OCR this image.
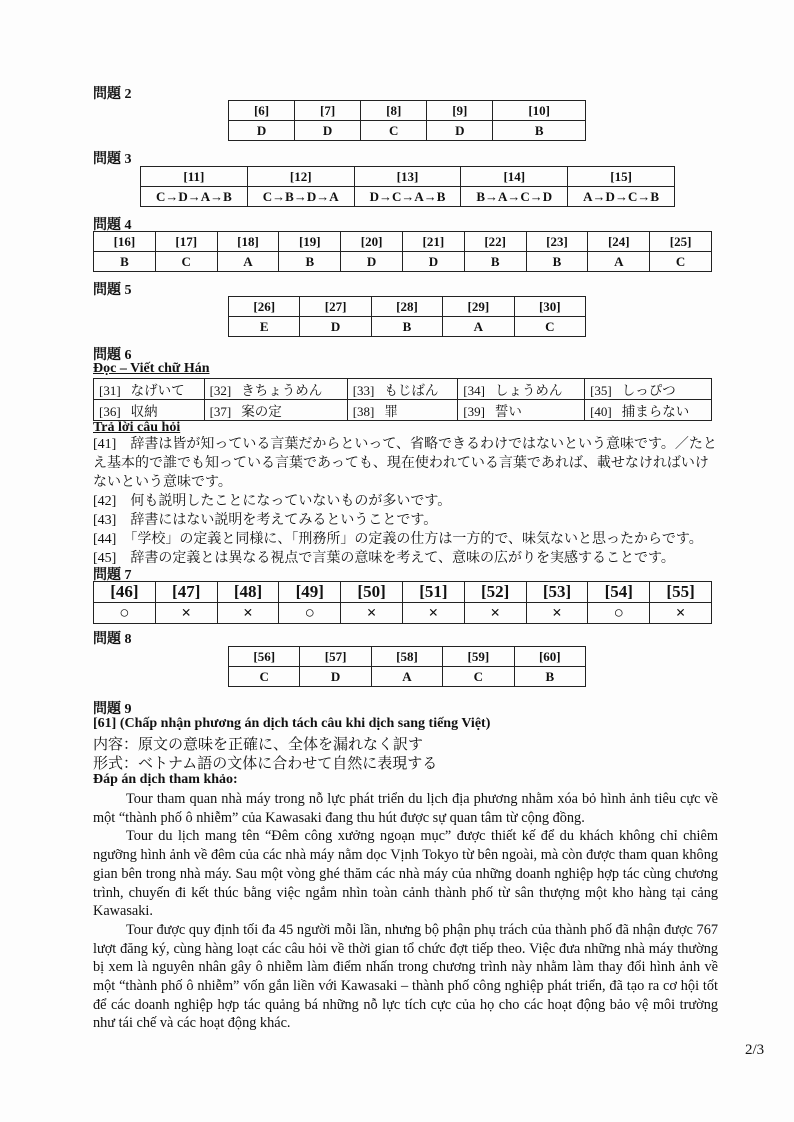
問題 2
[6]	[7]	[8]	[9]	[10]
D	D	C	D	B
問題 3
[11]	[12]	[13]	[14]	[15]
C→D→A→B	C→B→D→A	D→C→A→B	B→A→C→D	A→D→C→B
問題 4
[16]	[17]	[18]	[19]	[20]	[21]	[22]	[23]	[24]	[25]
B	C	A	B	D	D	B	B	A	C
問題 5
[26]	[27]	[28]	[29]	[30]
E	D	B	A	C
問題 6
Đọc – Viết chữ Hán
[31] なげいて	[32] きちょうめん	[33] もじばん	[34] しょうめん	[35] しっぴつ
[36] 収納	[37] 案の定	[38] 罪	[39] 誓い	[40] 捕まらない
Trả lời câu hỏi
[41]　辞書は皆が知っている言葉だからといって、省略できるわけではないという意味です。／たとえ基本的で誰でも知っている言葉であっても、現在使われている言葉であれば、載せなければいけないという意味です。
[42]　何も説明したことになっていないものが多いです。
[43]　辞書にはない説明を考えてみるということです。
[44]　「学校」の定義と同様に、「刑務所」の定義の仕方は一方的で、味気ないと思ったからです。
[45]　辞書の定義とは異なる視点で言葉の意味を考えて、意味の広がりを実感することです。
問題 7
[46]	[47]	[48]	[49]	[50]	[51]	[52]	[53]	[54]	[55]
○	×	×	○	×	×	×	×	○	×
問題 8
[56]	[57]	[58]	[59]	[60]
C	D	A	C	B
問題 9
[61] (Chấp nhận phương án dịch tách câu khi dịch sang tiếng Việt)
内容：原文の意味を正確に、全体を漏れなく訳す
形式：ベトナム語の文体に合わせて自然に表現する
Đáp án dịch tham khảo:

Tour tham quan nhà máy trong nỗ lực phát triển du lịch địa phương nhằm xóa bỏ hình ảnh tiêu cực về một “thành phố ô nhiễm” của Kawasaki đang thu hút được sự quan tâm từ cộng đồng.

Tour du lịch mang tên “Đêm công xưởng ngoạn mục” được thiết kế để du khách không chỉ chiêm ngưỡng hình ảnh về đêm của các nhà máy nằm dọc Vịnh Tokyo từ bên ngoài, mà còn được tham quan không gian bên trong nhà máy. Sau một vòng ghé thăm các nhà máy của những doanh nghiệp hợp tác cùng chương trình, chuyến đi kết thúc bằng việc ngắm nhìn toàn cảnh thành phố từ sân thượng một kho hàng tại cảng Kawasaki.

Tour được quy định tối đa 45 người mỗi lần, nhưng bộ phận phụ trách của thành phố đã nhận được 767 lượt đăng ký, cùng hàng loạt các câu hỏi về thời gian tổ chức đợt tiếp theo. Việc đưa những nhà máy thường bị xem là nguyên nhân gây ô nhiễm làm điểm nhấn trong chương trình này nhằm làm thay đổi hình ảnh về một “thành phố ô nhiễm” vốn gắn liền với Kawasaki – thành phố công nghiệp phát triển, đã tạo ra cơ hội tốt để các doanh nghiệp hợp tác quảng bá những nỗ lực tích cực của họ cho các hoạt động bảo vệ môi trường như tái chế và các hoạt động khác.

2/3
